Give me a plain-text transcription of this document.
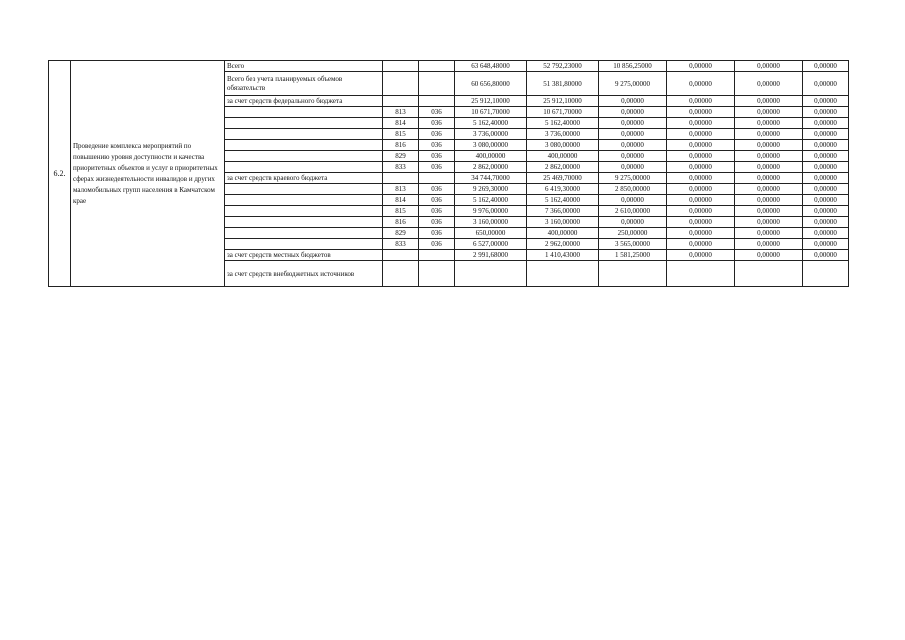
6.2.	Проведение комплекса мероприятий по повышению уровня доступности и качества приоритетных объектов и услуг в приоритетных сферах жизнедеятельности инвалидов и других маломобильных групп населения в Камчатском крае	Всего			63 648,48000	52 792,23000	10 856,25000	0,00000	0,00000	0,00000
		Всего без учета планируемых объемов обязательств			60 656,80000	51 381,80000	9 275,00000	0,00000	0,00000	0,00000
		за счет средств федерального бюджета			25 912,10000	25 912,10000	0,00000	0,00000	0,00000	0,00000
			813	036	10 671,70000	10 671,70000	0,00000	0,00000	0,00000	0,00000
			814	036	5 162,40000	5 162,40000	0,00000	0,00000	0,00000	0,00000
			815	036	3 736,00000	3 736,00000	0,00000	0,00000	0,00000	0,00000
			816	036	3 080,00000	3 080,00000	0,00000	0,00000	0,00000	0,00000
			829	036	400,00000	400,00000	0,00000	0,00000	0,00000	0,00000
			833	036	2 862,00000	2 862,00000	0,00000	0,00000	0,00000	0,00000
		за счет средств краевого бюджета			34 744,70000	25 469,70000	9 275,00000	0,00000	0,00000	0,00000
			813	036	9 269,30000	6 419,30000	2 850,00000	0,00000	0,00000	0,00000
			814	036	5 162,40000	5 162,40000	0,00000	0,00000	0,00000	0,00000
			815	036	9 976,00000	7 366,00000	2 610,00000	0,00000	0,00000	0,00000
			816	036	3 160,00000	3 160,00000	0,00000	0,00000	0,00000	0,00000
			829	036	650,00000	400,00000	250,00000	0,00000	0,00000	0,00000
			833	036	6 527,00000	2 962,00000	3 565,00000	0,00000	0,00000	0,00000
		за счет средств местных бюджетов			2 991,68000	1 410,43000	1 581,25000	0,00000	0,00000	0,00000
		за счет средств внебюджетных источников								
